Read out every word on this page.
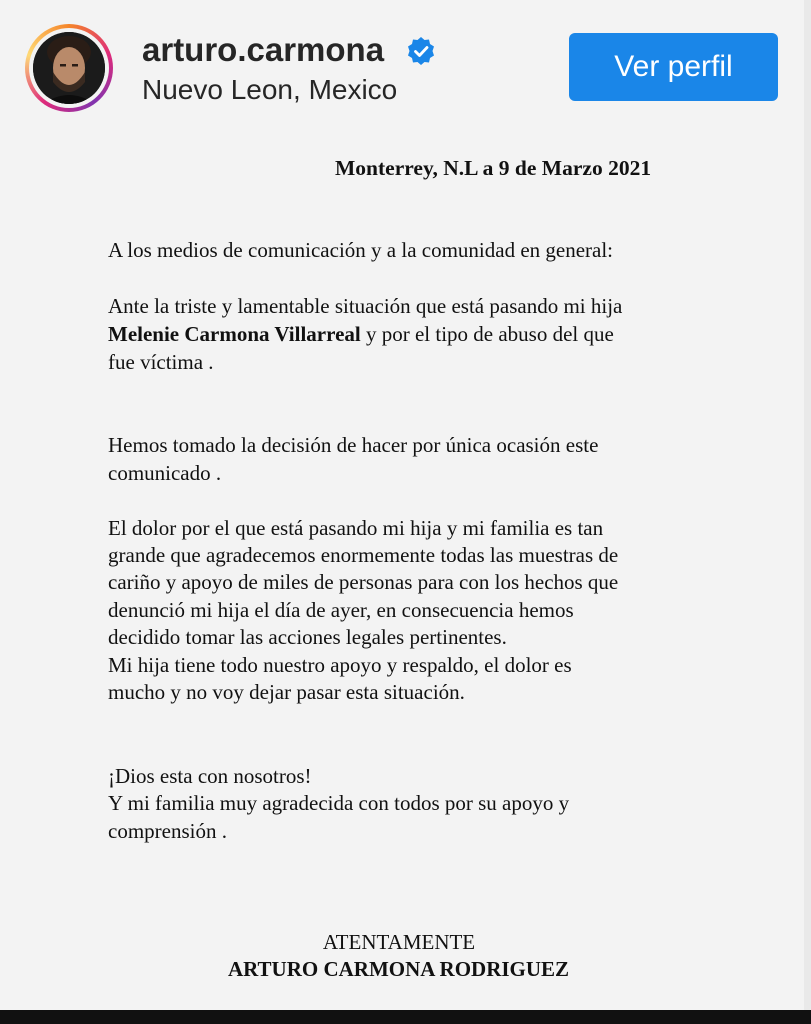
arturo.carmona
Nuevo Leon, Mexico
Ver perfil
Monterrey, N.L a 9 de Marzo 2021
A los medios de comunicación y a la comunidad en general:
Ante la triste y lamentable situación que está pasando mi hija
Melenie Carmona Villarreal y por el tipo de abuso del que
fue víctima .
Hemos tomado la decisión de hacer por única ocasión este
comunicado .
El dolor por el que está pasando mi hija y mi familia es tan
grande que agradecemos enormemente todas las muestras de
cariño y apoyo de miles de personas para con los hechos que
denunció mi hija el día de ayer, en consecuencia hemos
decidido tomar las acciones legales pertinentes.
Mi hija tiene todo nuestro apoyo y respaldo, el dolor es
mucho y no voy dejar pasar esta situación.
¡Dios esta con nosotros!
Y mi familia muy agradecida con todos por su apoyo y
comprensión .
ATENTAMENTE
ARTURO CARMONA RODRIGUEZ
